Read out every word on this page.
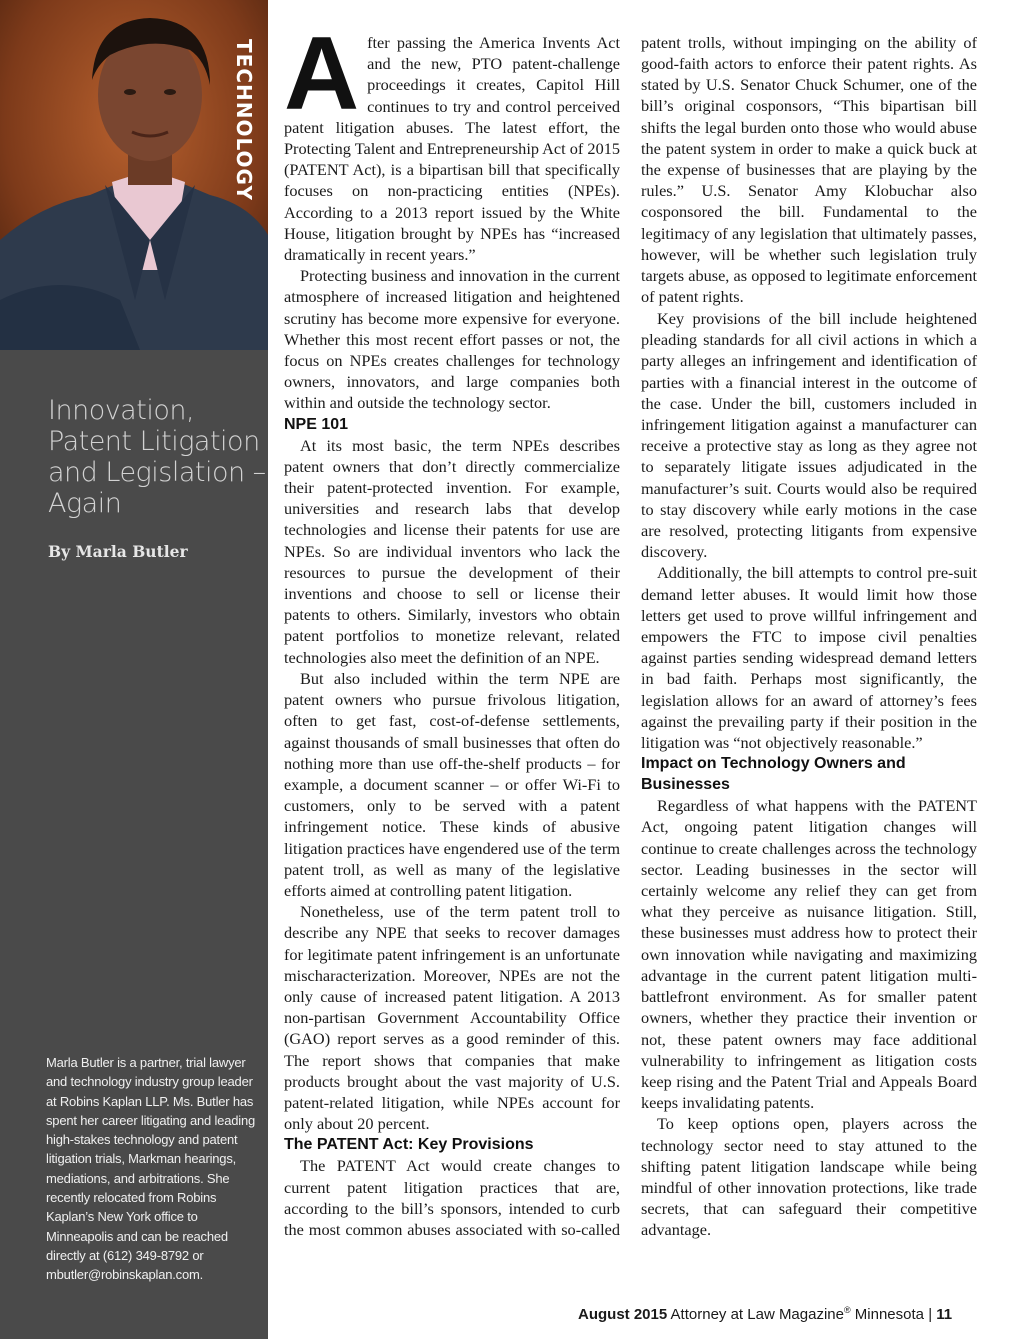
TECHNOLOGY
Innovation,
Patent Litigation
and Legislation –
Again
By Marla Butler
Marla Butler is a partner, trial lawyer and technology industry group leader at Robins Kaplan LLP. Ms. Butler has spent her career litigating and leading high-stakes technology and patent litigation trials, Markman hearings, mediations, and arbitrations. She recently relocated from Robins Kaplan’s New York office to Minneapolis and can be reached directly at (612) 349-8792 or mbutler@robinskaplan.com.

After passing the America Invents Act and the new, PTO patent-challenge proceedings it creates, Capitol Hill continues to try and control perceived patent litigation abuses. The latest effort, the Protecting Talent and Entrepreneurship Act of 2015 (PATENT Act), is a bipartisan bill that specifically focuses on non-practicing entities (NPEs). According to a 2013 report issued by the White House, litigation brought by NPEs has “increased dramatically in recent years.”

Protecting business and innovation in the current atmosphere of increased litigation and heightened scrutiny has become more expensive for everyone. Whether this most recent effort passes or not, the focus on NPEs creates challenges for technology owners, innovators, and large companies both within and outside the technology sector.

NPE 101

At its most basic, the term NPEs describes patent owners that don’t directly commercialize their patent-protected invention. For example, universities and research labs that develop technologies and license their patents for use are NPEs. So are individual inventors who lack the resources to pursue the development of their inventions and choose to sell or license their patents to others. Similarly, investors who obtain patent portfolios to monetize relevant, related technologies also meet the definition of an NPE.

But also included within the term NPE are patent owners who pursue frivolous litigation, often to get fast, cost-of-defense settlements, against thousands of small businesses that often do nothing more than use off-the-shelf products – for example, a document scanner – or offer Wi-Fi to customers, only to be served with a patent infringement notice. These kinds of abusive litigation practices have engendered use of the term patent troll, as well as many of the legislative efforts aimed at controlling patent litigation.

Nonetheless, use of the term patent troll to describe any NPE that seeks to recover damages for legitimate patent infringement is an unfortunate mischaracterization. Moreover, NPEs are not the only cause of increased patent litigation. A 2013 non-partisan Government Accountability Office (GAO) report serves as a good reminder of this. The report shows that companies that make products brought about the vast majority of U.S. patent-related litigation, while NPEs account for only about 20 percent.

The PATENT Act: Key Provisions

The PATENT Act would create changes to current patent litigation practices that are, according to the bill’s sponsors, intended to curb the most common abuses associated with so-called

patent trolls, without impinging on the ability of good-faith actors to enforce their patent rights. As stated by U.S. Senator Chuck Schumer, one of the bill’s original cosponsors, “This bipartisan bill shifts the legal burden onto those who would abuse the patent system in order to make a quick buck at the expense of businesses that are playing by the rules.” U.S. Senator Amy Klobuchar also cosponsored the bill. Fundamental to the legitimacy of any legislation that ultimately passes, however, will be whether such legislation truly targets abuse, as opposed to legitimate enforcement of patent rights.

Key provisions of the bill include heightened pleading standards for all civil actions in which a party alleges an infringement and identification of parties with a financial interest in the outcome of the case. Under the bill, customers included in infringement litigation against a manufacturer can receive a protective stay as long as they agree not to separately litigate issues adjudicated in the manufacturer’s suit. Courts would also be required to stay discovery while early motions in the case are resolved, protecting litigants from expensive discovery.

Additionally, the bill attempts to control pre-suit demand letter abuses. It would limit how those letters get used to prove willful infringement and empowers the FTC to impose civil penalties against parties sending widespread demand letters in bad faith. Perhaps most significantly, the legislation allows for an award of attorney’s fees against the prevailing party if their position in the litigation was “not objectively reasonable.”

Impact on Technology Owners and Businesses

Regardless of what happens with the PATENT Act, ongoing patent litigation changes will continue to create challenges across the technology sector. Leading businesses in the sector will certainly welcome any relief they can get from what they perceive as nuisance litigation. Still, these businesses must address how to protect their own innovation while navigating and maximizing advantage in the current patent litigation multi-battlefront environment. As for smaller patent owners, whether they practice their invention or not, these patent owners may face additional vulnerability to infringement as litigation costs keep rising and the Patent Trial and Appeals Board keeps invalidating patents.

To keep options open, players across the technology sector need to stay attuned to the shifting patent litigation landscape while being mindful of other innovation protections, like trade secrets, that can safeguard their competitive advantage.

August 2015 Attorney at Law Magazine® Minnesota | 11
